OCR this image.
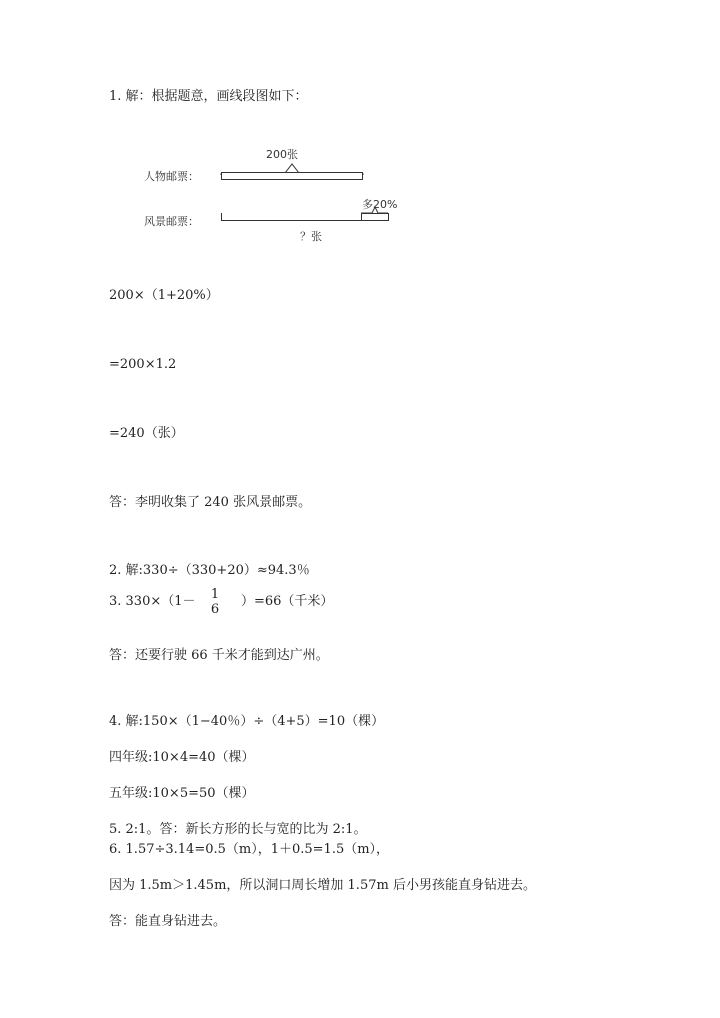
1. 解：根据题意，画线段图如下：
200张
人物邮票：
多20%
风景邮票：
？张
200×（1+20%）
=200×1.2
=240（张）
答：李明收集了 240 张风景邮票。
2. 解:330÷（330+20）≈94.3％
3. 330×（1－ 1
6
）=66（千米）
答：还要行驶 66 千米才能到达广州。
4. 解:150×（1−40％）÷（4+5）=10（棵）
四年级:10×4=40（棵）
五年级:10×5=50（棵）
5. 2:1。答：新长方形的长与宽的比为 2:1。
6. 1.57÷3.14=0.5（m），1＋0.5=1.5（m），
因为 1.5m＞1.45m，所以洞口周长增加 1.57m 后小男孩能直身钻进去。
答：能直身钻进去。
